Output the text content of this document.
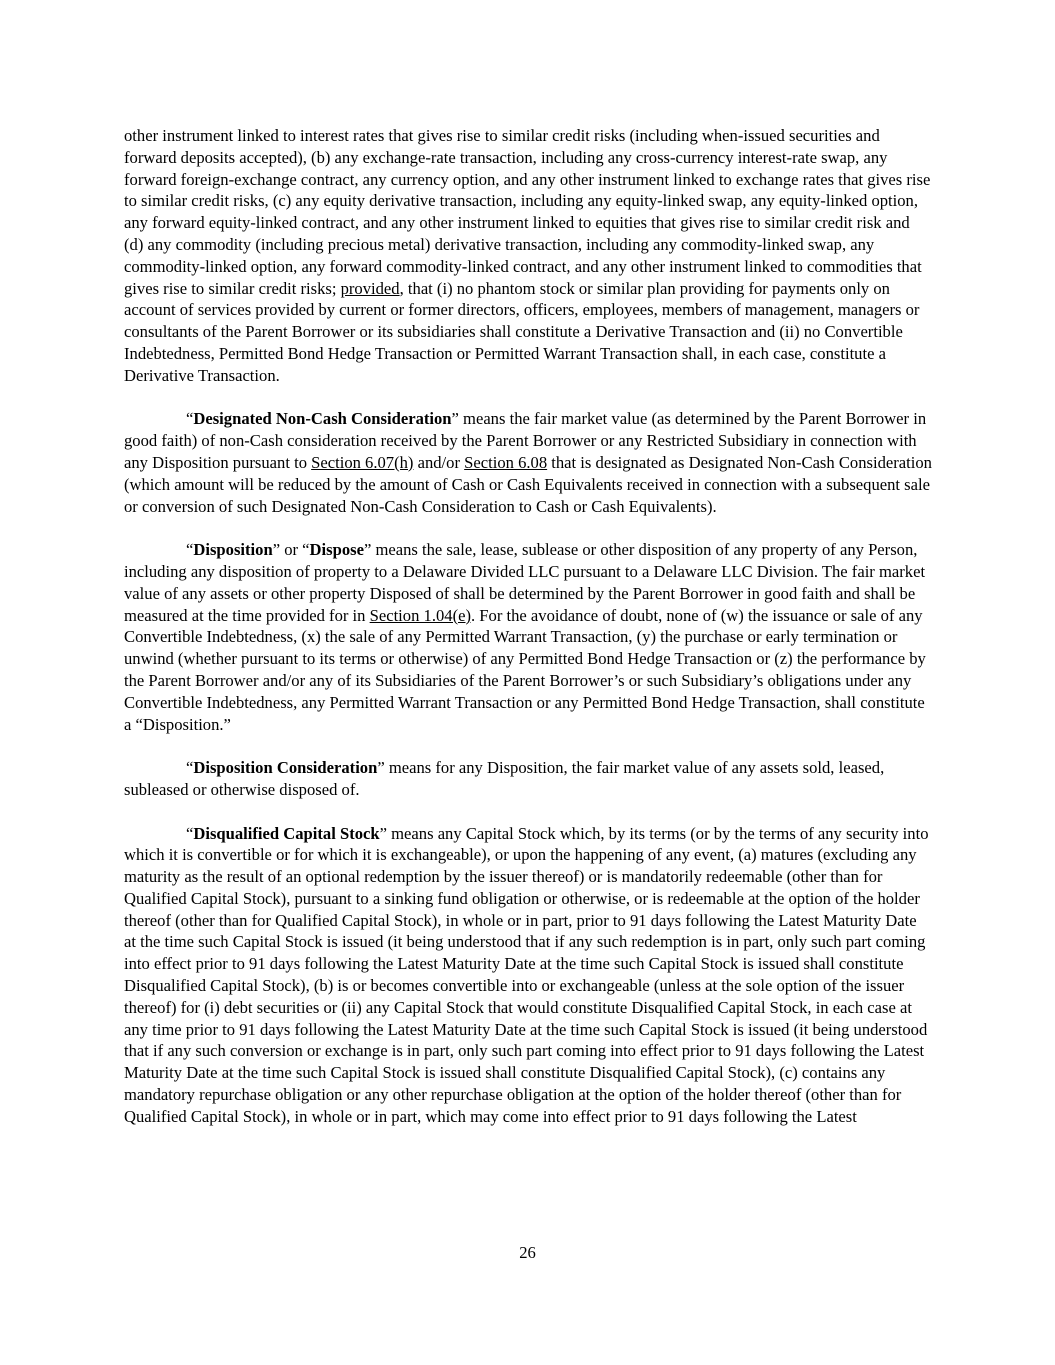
other instrument linked to interest rates that gives rise to similar credit risks (including when-issued securities and forward deposits accepted), (b) any exchange-rate transaction, including any cross-currency interest-rate swap, any forward foreign-exchange contract, any currency option, and any other instrument linked to exchange rates that gives rise to similar credit risks, (c) any equity derivative transaction, including any equity-linked swap, any equity-linked option, any forward equity-linked contract, and any other instrument linked to equities that gives rise to similar credit risk and (d) any commodity (including precious metal) derivative transaction, including any commodity-linked swap, any commodity-linked option, any forward commodity-linked contract, and any other instrument linked to commodities that gives rise to similar credit risks; provided, that (i) no phantom stock or similar plan providing for payments only on account of services provided by current or former directors, officers, employees, members of management, managers or consultants of the Parent Borrower or its subsidiaries shall constitute a Derivative Transaction and (ii) no Convertible Indebtedness, Permitted Bond Hedge Transaction or Permitted Warrant Transaction shall, in each case, constitute a Derivative Transaction.

“Designated Non-Cash Consideration” means the fair market value (as determined by the Parent Borrower in good faith) of non-Cash consideration received by the Parent Borrower or any Restricted Subsidiary in connection with any Disposition pursuant to Section 6.07(h) and/or Section 6.08 that is designated as Designated Non-Cash Consideration (which amount will be reduced by the amount of Cash or Cash Equivalents received in connection with a subsequent sale or conversion of such Designated Non-Cash Consideration to Cash or Cash Equivalents).

“Disposition” or “Dispose” means the sale, lease, sublease or other disposition of any property of any Person, including any disposition of property to a Delaware Divided LLC pursuant to a Delaware LLC Division. The fair market value of any assets or other property Disposed of shall be determined by the Parent Borrower in good faith and shall be measured at the time provided for in Section 1.04(e). For the avoidance of doubt, none of (w) the issuance or sale of any Convertible Indebtedness, (x) the sale of any Permitted Warrant Transaction, (y) the purchase or early termination or unwind (whether pursuant to its terms or otherwise) of any Permitted Bond Hedge Transaction or (z) the performance by the Parent Borrower and/or any of its Subsidiaries of the Parent Borrower’s or such Subsidiary’s obligations under any Convertible Indebtedness, any Permitted Warrant Transaction or any Permitted Bond Hedge Transaction, shall constitute a “Disposition.”

“Disposition Consideration” means for any Disposition, the fair market value of any assets sold, leased, subleased or otherwise disposed of.

“Disqualified Capital Stock” means any Capital Stock which, by its terms (or by the terms of any security into which it is convertible or for which it is exchangeable), or upon the happening of any event, (a) matures (excluding any maturity as the result of an optional redemption by the issuer thereof) or is mandatorily redeemable (other than for Qualified Capital Stock), pursuant to a sinking fund obligation or otherwise, or is redeemable at the option of the holder thereof (other than for Qualified Capital Stock), in whole or in part, prior to 91 days following the Latest Maturity Date at the time such Capital Stock is issued (it being understood that if any such redemption is in part, only such part coming into effect prior to 91 days following the Latest Maturity Date at the time such Capital Stock is issued shall constitute Disqualified Capital Stock), (b) is or becomes convertible into or exchangeable (unless at the sole option of the issuer thereof) for (i) debt securities or (ii) any Capital Stock that would constitute Disqualified Capital Stock, in each case at any time prior to 91 days following the Latest Maturity Date at the time such Capital Stock is issued (it being understood that if any such conversion or exchange is in part, only such part coming into effect prior to 91 days following the Latest Maturity Date at the time such Capital Stock is issued shall constitute Disqualified Capital Stock), (c) contains any mandatory repurchase obligation or any other repurchase obligation at the option of the holder thereof (other than for Qualified Capital Stock), in whole or in part, which may come into effect prior to 91 days following the Latest

26
